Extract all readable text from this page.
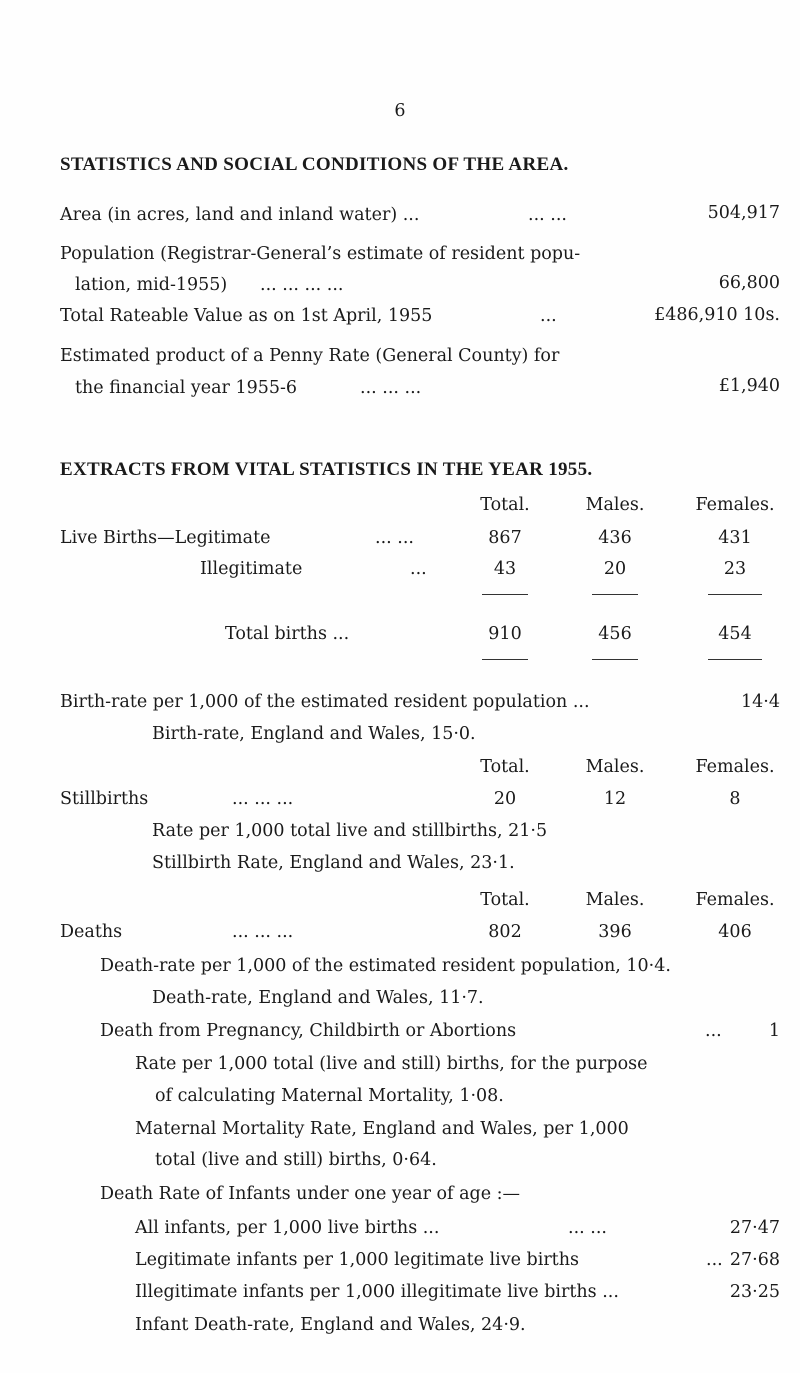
6
STATISTICS AND SOCIAL CONDITIONS OF THE AREA.
Area (in acres, land and inland water) ...	... ...	504,917
Population (Registrar-General’s estimate of resident popu-
lation, mid-1955) ... ... ... ...	66,800
Total Rateable Value as on 1st April, 1955	...	£486,910 10s.
Estimated product of a Penny Rate (General County) for
the financial year 1955-6	... ... ...	£1,940
EXTRACTS FROM VITAL STATISTICS IN THE YEAR 1955.
Total.	Males.	Females.
Live Births—Legitimate	... ...	867	436	431
Illegitimate	...	43	20	23
Total births ...	910	456	454
Birth-rate per 1,000 of the estimated resident population ...	14·4
Birth-rate, England and Wales, 15·0.
Total.	Males.	Females.
Stillbirths	... ... ...	20	12	8
Rate per 1,000 total live and stillbirths, 21·5
Stillbirth Rate, England and Wales, 23·1.
Total.	Males.	Females.
Deaths	... ... ...	802	396	406
Death-rate per 1,000 of the estimated resident population, 10·4.
Death-rate, England and Wales, 11·7.
Death from Pregnancy, Childbirth or Abortions	...	1
Rate per 1,000 total (live and still) births, for the purpose
of calculating Maternal Mortality, 1·08.
Maternal Mortality Rate, England and Wales, per 1,000
total (live and still) births, 0·64.
Death Rate of Infants under one year of age :—
All infants, per 1,000 live births ...	... ...	27·47
Legitimate infants per 1,000 legitimate live births	... 27·68
Illegitimate infants per 1,000 illegitimate live births ...	23·25
Infant Death-rate, England and Wales, 24·9.
